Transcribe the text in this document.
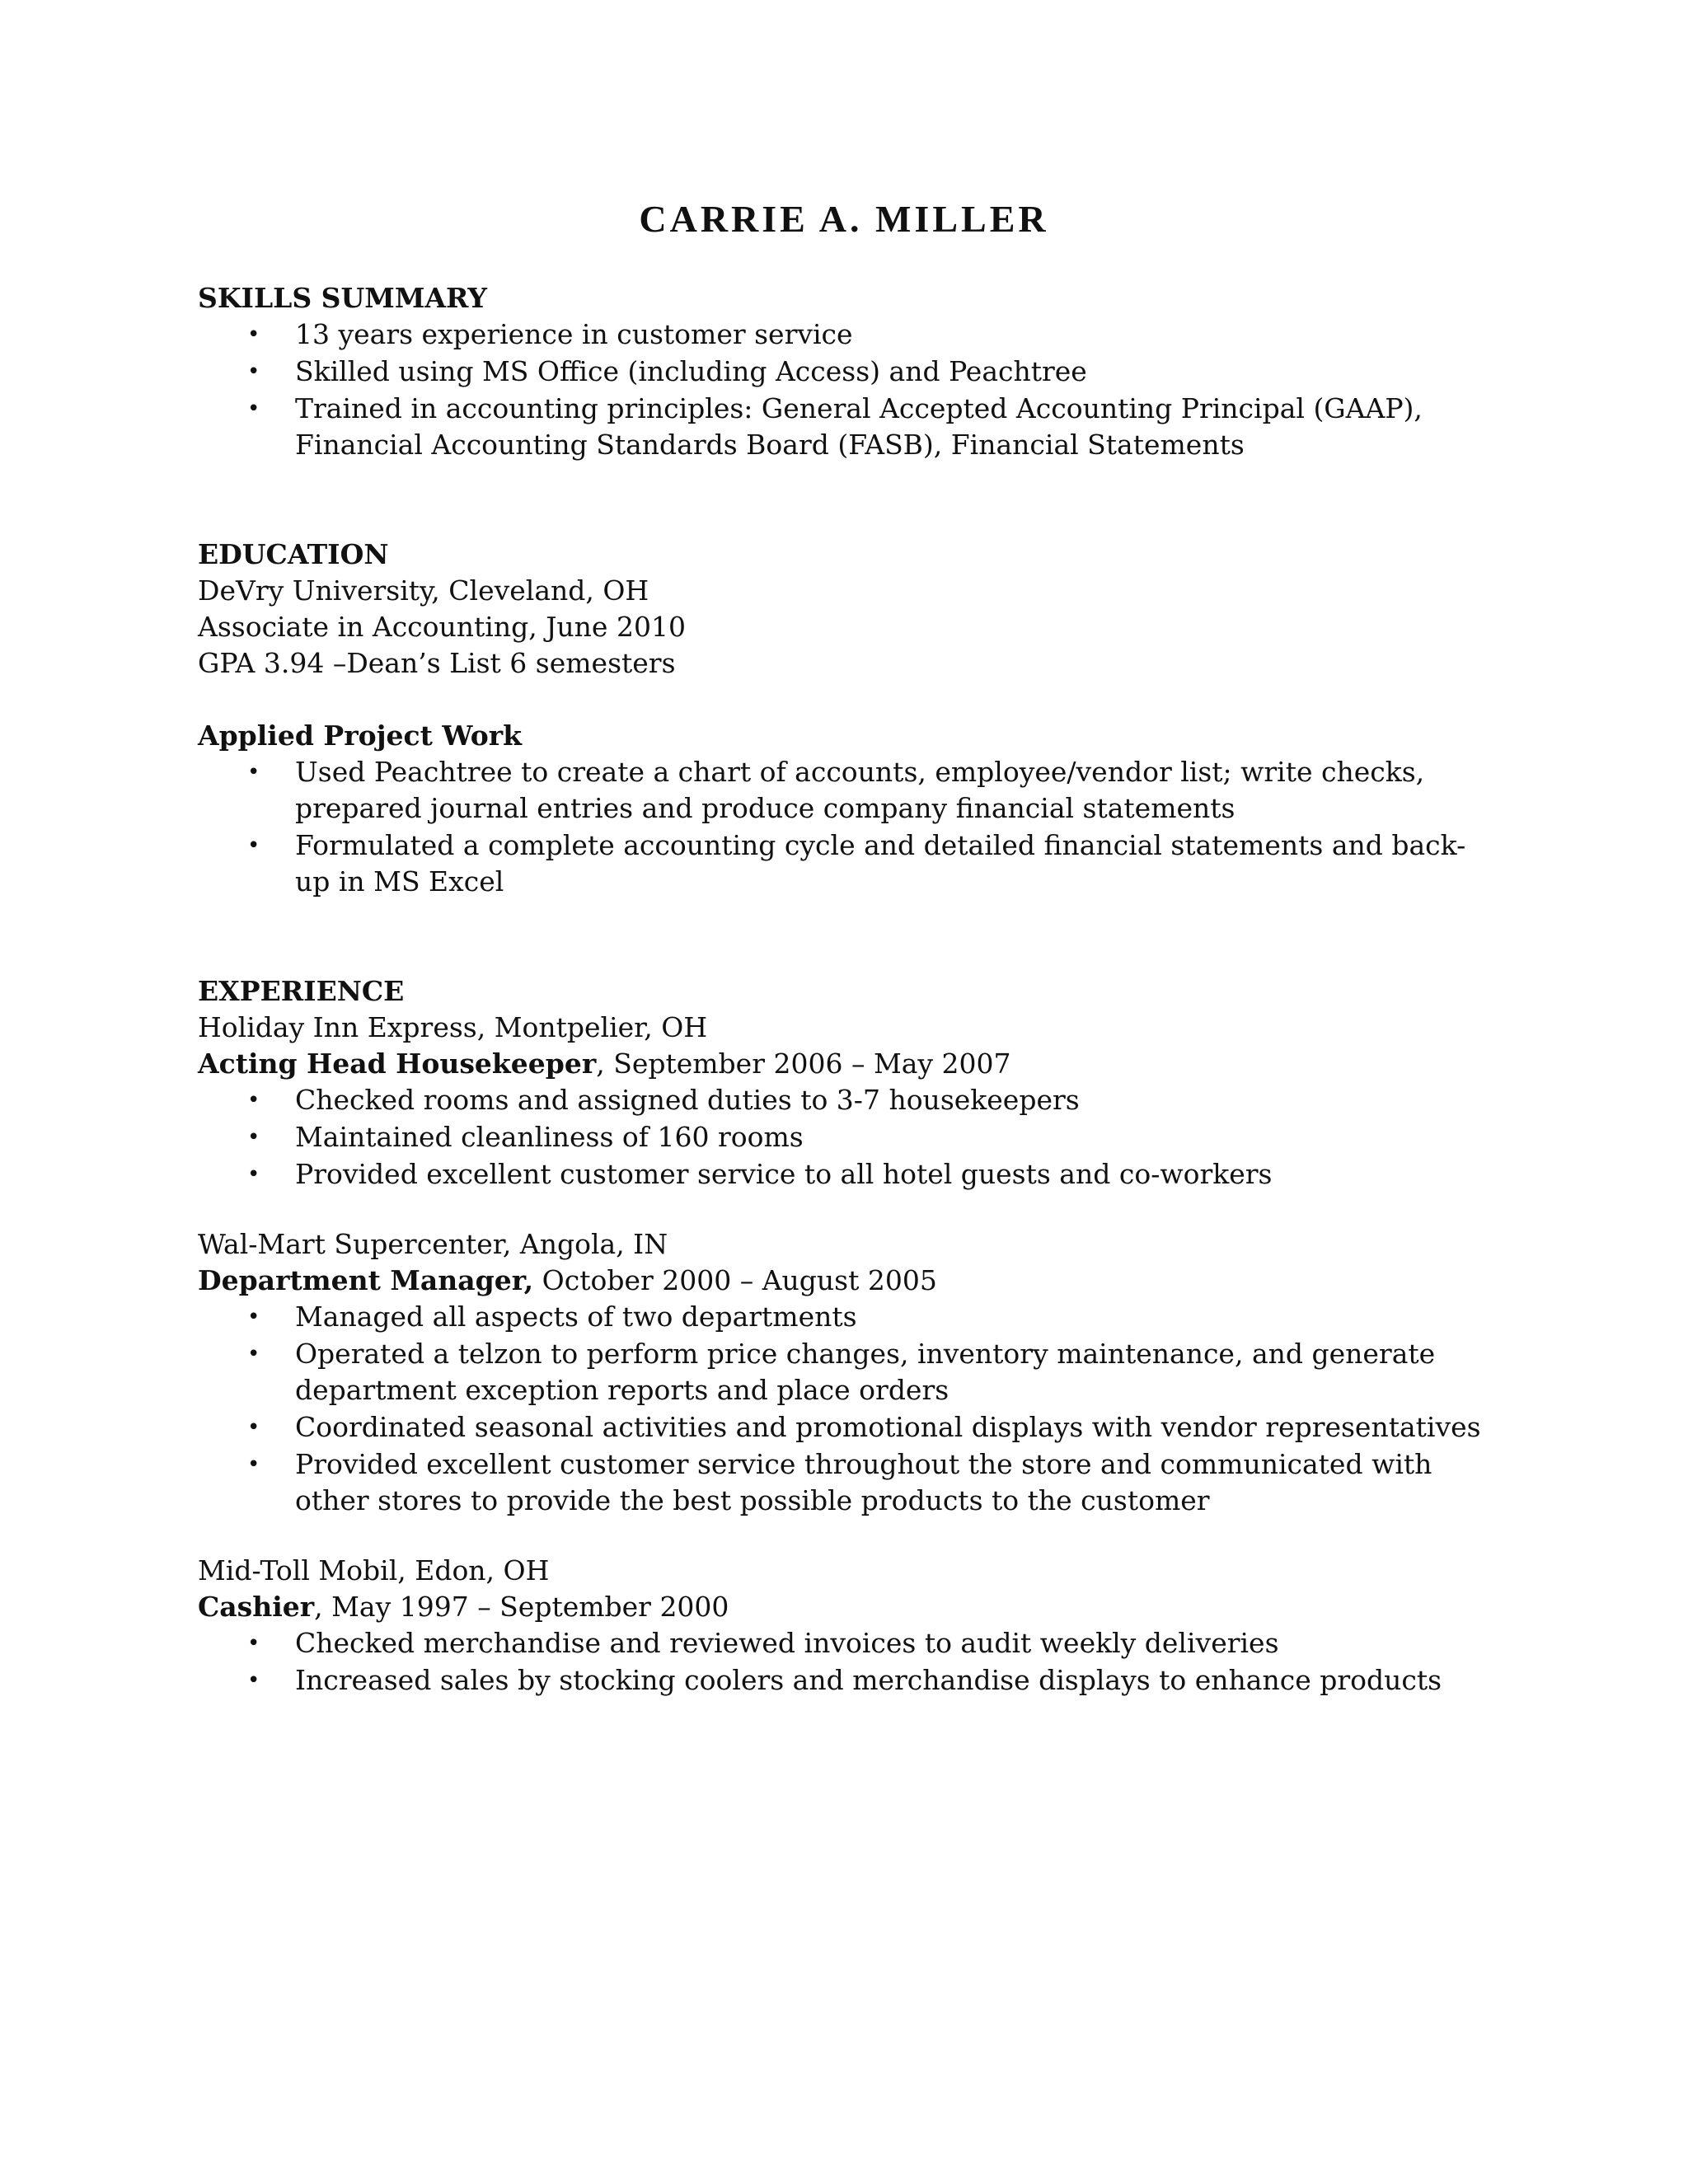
CARRIE A. MILLER

SKILLS SUMMARY

• 13 years experience in customer service
• Skilled using MS Office (including Access) and Peachtree
• Trained in accounting principles: General Accepted Accounting Principal (GAAP), Financial Accounting Standards Board (FASB), Financial Statements

EDUCATION

DeVry University, Cleveland, OH

Associate in Accounting, June 2010

GPA 3.94 –Dean’s List 6 semesters

Applied Project Work

• Used Peachtree to create a chart of accounts, employee/vendor list; write checks, prepared journal entries and produce company financial statements
• Formulated a complete accounting cycle and detailed financial statements and back-up in MS Excel

EXPERIENCE

Holiday Inn Express, Montpelier, OH

Acting Head Housekeeper, September 2006 – May 2007

• Checked rooms and assigned duties to 3-7 housekeepers
• Maintained cleanliness of 160 rooms
• Provided excellent customer service to all hotel guests and co-workers

Wal-Mart Supercenter, Angola, IN

Department Manager, October 2000 – August 2005

• Managed all aspects of two departments
• Operated a telzon to perform price changes, inventory maintenance, and generate department exception reports and place orders
• Coordinated seasonal activities and promotional displays with vendor representatives
• Provided excellent customer service throughout the store and communicated with other stores to provide the best possible products to the customer

Mid-Toll Mobil, Edon, OH

Cashier, May 1997 – September 2000

• Checked merchandise and reviewed invoices to audit weekly deliveries
• Increased sales by stocking coolers and merchandise displays to enhance products
